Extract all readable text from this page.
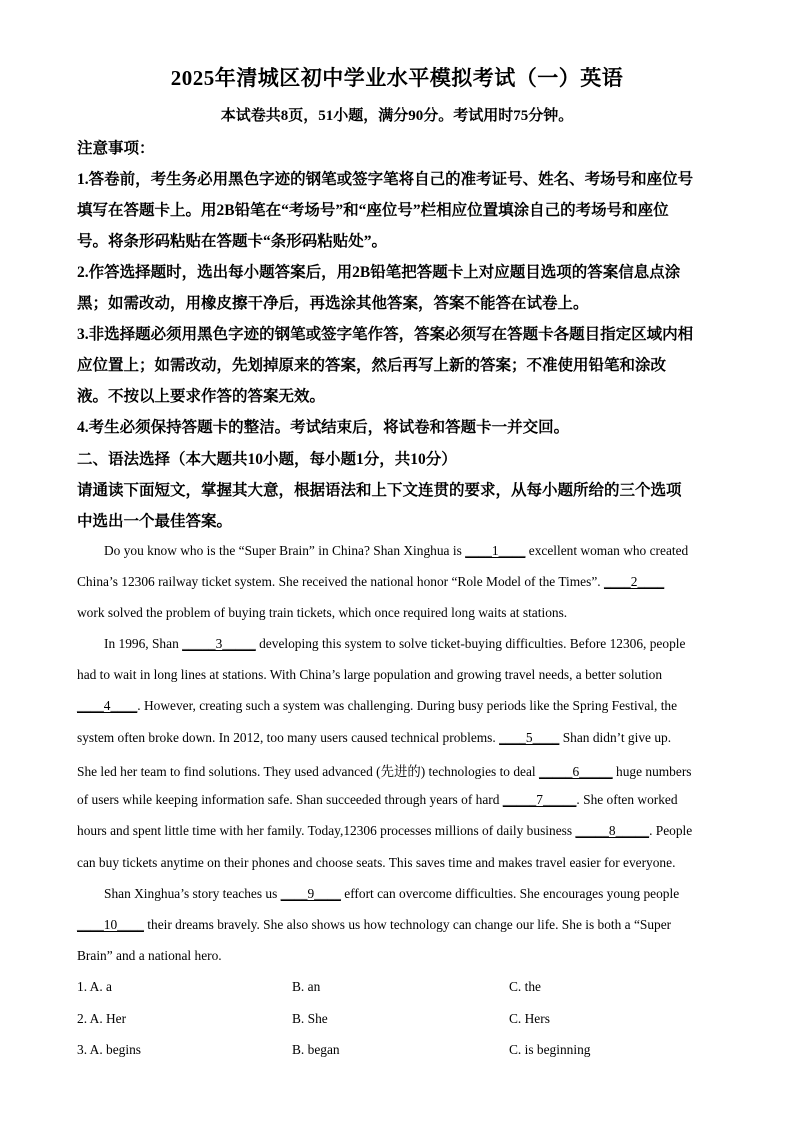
2025年清城区初中学业水平模拟考试（一）英语
本试卷共8页，51小题，满分90分。考试用时75分钟。
注意事项：
1.答卷前，考生务必用黑色字迹的钢笔或签字笔将自己的准考证号、姓名、考场号和座位号
填写在答题卡上。用2B铅笔在“考场号”和“座位号”栏相应位置填涂自己的考场号和座位
号。将条形码粘贴在答题卡“条形码粘贴处”。
2.作答选择题时，选出每小题答案后，用2B铅笔把答题卡上对应题目选项的答案信息点涂
黑；如需改动，用橡皮擦干净后，再选涂其他答案，答案不能答在试卷上。
3.非选择题必须用黑色字迹的钢笔或签字笔作答，答案必须写在答题卡各题目指定区域内相
应位置上；如需改动，先划掉原来的答案，然后再写上新的答案；不准使用铅笔和涂改
液。不按以上要求作答的答案无效。
4.考生必须保持答题卡的整洁。考试结束后，将试卷和答题卡一并交回。
二、语法选择（本大题共10小题，每小题1分，共10分）
请通读下面短文，掌握其大意，根据语法和上下文连贯的要求，从每小题所给的三个选项
中选出一个最佳答案。
Do you know who is the “Super Brain” in China? Shan Xinghua is ____1____ excellent woman who created
China’s 12306 railway ticket system. She received the national honor “Role Model of the Times”. ____2____
work solved the problem of buying train tickets, which once required long waits at stations.
In 1996, Shan _____3_____ developing this system to solve ticket-buying difficulties. Before 12306, people
had to wait in long lines at stations. With China’s large population and growing travel needs, a better solution
____4____. However, creating such a system was challenging. During busy periods like the Spring Festival, the
system often broke down. In 2012, too many users caused technical problems. ____5____ Shan didn’t give up.
She led her team to find solutions. They used advanced (先进的) technologies to deal _____6_____ huge numbers
of users while keeping information safe. Shan succeeded through years of hard _____7_____. She often worked
hours and spent little time with her family. Today,12306 processes millions of daily business _____8_____. People
can buy tickets anytime on their phones and choose seats. This saves time and makes travel easier for everyone.
Shan Xinghua’s story teaches us ____9____ effort can overcome difficulties. She encourages young people
____10____ their dreams bravely. She also shows us how technology can change our life. She is both a “Super
Brain” and a national hero.
1. A. a	B. an	C. the
2. A. Her	B. She	C. Hers
3. A. begins	B. began	C. is beginning
